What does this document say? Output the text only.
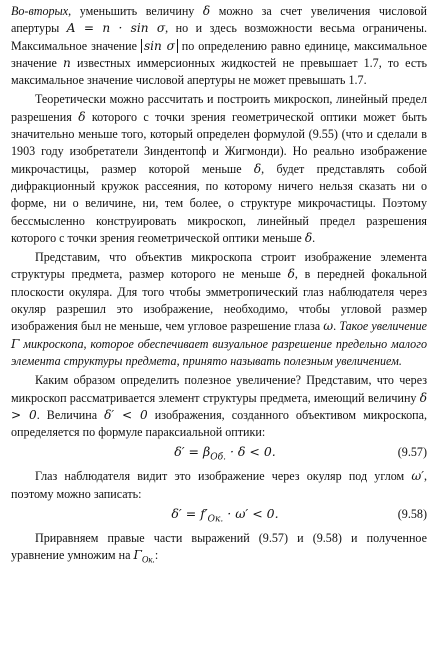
Во-вторых, уменьшить величину δ можно за счет увеличения числовой апертуры A = n · sin σ, но и здесь возможности весьма ограничены. Максимальное значение sin σ по определению равно единице, максимальное значение n известных иммерсионных жидкостей не превышает 1.7, то есть максимальное значение числовой апертуры не может превышать 1.7.

Теоретически можно рассчитать и построить микроскоп, линейный предел разрешения δ которого с точки зрения геометрической оптики может быть значительно меньше того, который определен формулой (9.55) (что и сделали в 1903 году изобретатели Зиндентопф и Жигмонди). Но реально изображение микрочастицы, размер которой меньше δ, будет представлять собой дифракционный кружок рассеяния, по которому ничего нельзя сказать ни о форме, ни о величине, ни, тем более, о структуре микрочастицы. Поэтому бессмысленно конструировать микроскоп, линейный предел разрешения которого с точки зрения геометрической оптики меньше δ.

Представим, что объектив микроскопа строит изображение элемента структуры предмета, размер которого не меньше δ, в передней фокальной плоскости окуляра. Для того чтобы эмметропический глаз наблюдателя через окуляр разрешил это изображение, необходимо, чтобы угловой размер изображения был не меньше, чем угловое разрешение глаза ω. Такое увеличение Γ микроскопа, которое обеспечивает визуальное разрешение предельно малого элемента структуры предмета, принято называть полезным увеличением.

Каким образом определить полезное увеличение? Представим, что через микроскоп рассматривается элемент структуры предмета, имеющий величину δ > 0. Величина δ′ < 0 изображения, созданного объективом микроскопа, определяется по формуле параксиальной оптики:

$\delta' = \beta_{Об.} \cdot \delta < 0$.	(9.57)

Глаз наблюдателя видит это изображение через окуляр под углом ω′, поэтому можно записать:

$\delta' = f'_{Ок.} \cdot \omega' < 0$.	(9.58)

Приравняем правые части выражений (9.57) и (9.58) и полученное уравнение умножим на $\Gamma_{Ок.}$:
